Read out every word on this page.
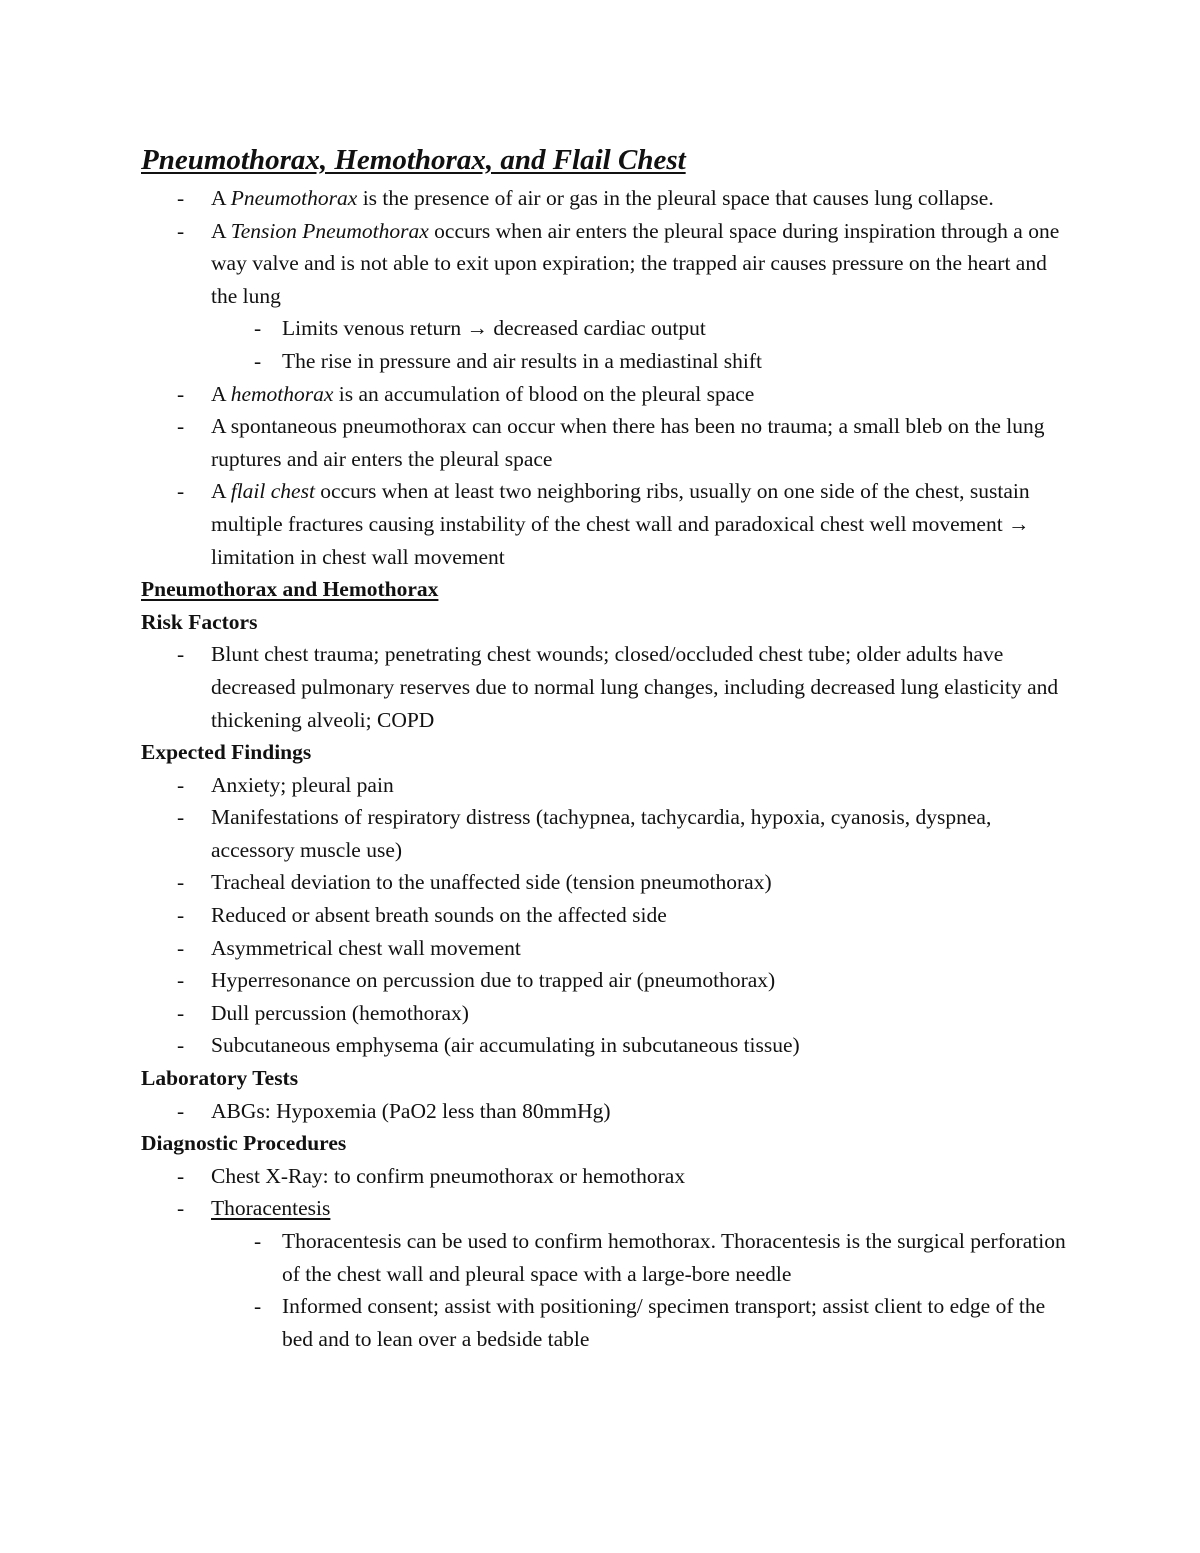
Pneumothorax, Hemothorax, and Flail Chest
- A Pneumothorax is the presence of air or gas in the pleural space that causes lung collapse.
- A Tension Pneumothorax occurs when air enters the pleural space during inspiration through a one way valve and is not able to exit upon expiration; the trapped air causes pressure on the heart and the lung
- Limits venous return → decreased cardiac output
- The rise in pressure and air results in a mediastinal shift
- A hemothorax is an accumulation of blood on the pleural space
- A spontaneous pneumothorax can occur when there has been no trauma; a small bleb on the lung ruptures and air enters the pleural space
- A flail chest occurs when at least two neighboring ribs, usually on one side of the chest, sustain multiple fractures causing instability of the chest wall and paradoxical chest well movement → limitation in chest wall movement
Pneumothorax and Hemothorax
Risk Factors
- Blunt chest trauma; penetrating chest wounds; closed/occluded chest tube; older adults have decreased pulmonary reserves due to normal lung changes, including decreased lung elasticity and thickening alveoli; COPD
Expected Findings
- Anxiety; pleural pain
- Manifestations of respiratory distress (tachypnea, tachycardia, hypoxia, cyanosis, dyspnea, accessory muscle use)
- Tracheal deviation to the unaffected side (tension pneumothorax)
- Reduced or absent breath sounds on the affected side
- Asymmetrical chest wall movement
- Hyperresonance on percussion due to trapped air (pneumothorax)
- Dull percussion (hemothorax)
- Subcutaneous emphysema (air accumulating in subcutaneous tissue)
Laboratory Tests
- ABGs: Hypoxemia (PaO2 less than 80mmHg)
Diagnostic Procedures
- Chest X-Ray: to confirm pneumothorax or hemothorax
- Thoracentesis
- Thoracentesis can be used to confirm hemothorax. Thoracentesis is the surgical perforation of the chest wall and pleural space with a large-bore needle
- Informed consent; assist with positioning/ specimen transport; assist client to edge of the bed and to lean over a bedside table
